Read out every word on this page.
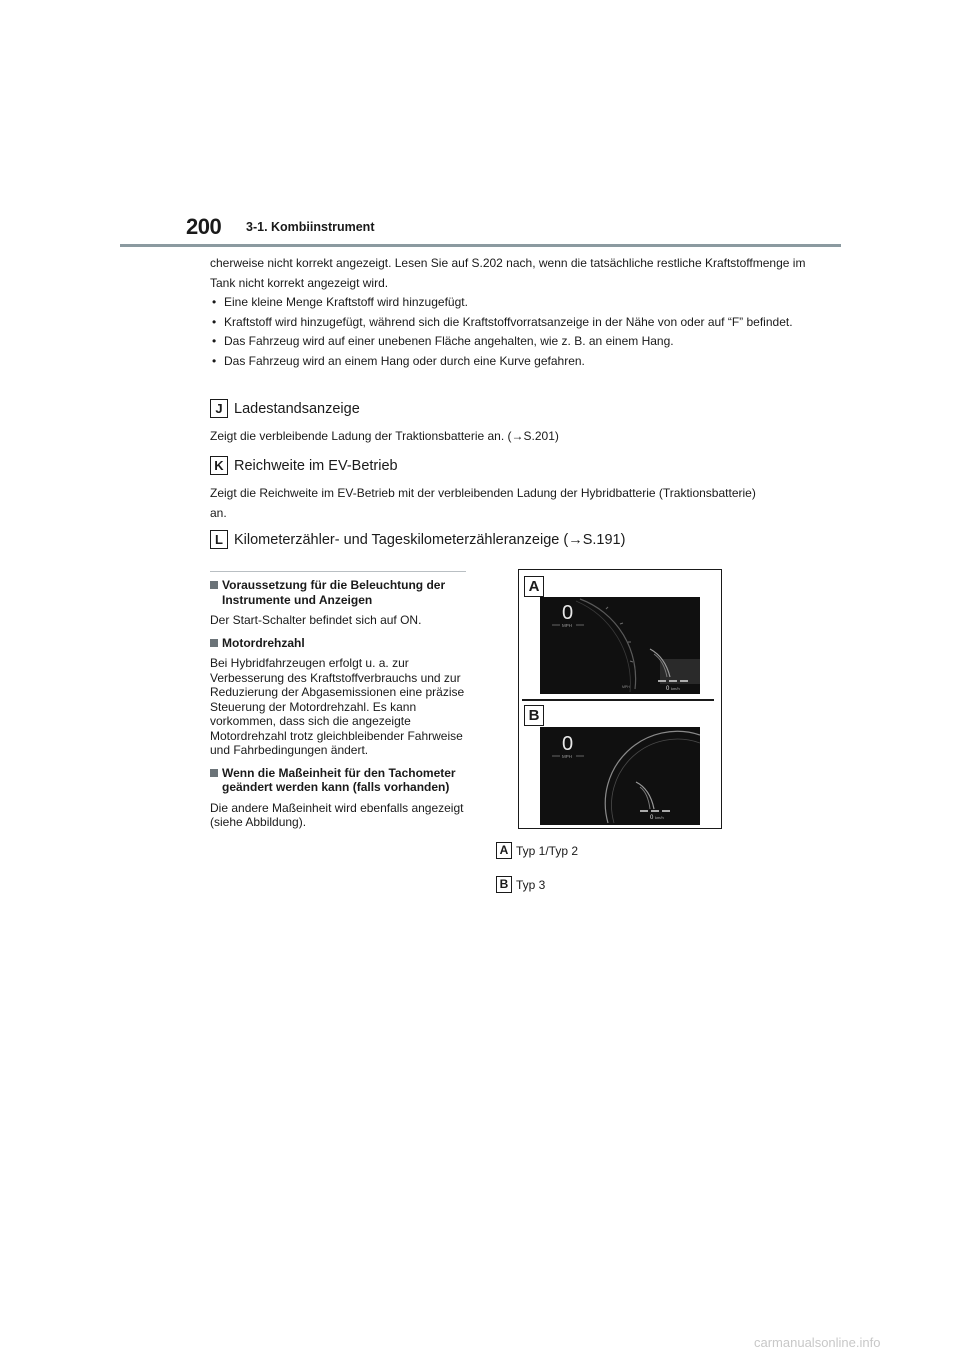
200 3-1. Kombiinstrument

cherweise nicht korrekt angezeigt. Lesen Sie auf S.202 nach, wenn die tatsächliche restliche Kraftstoffmenge im Tank nicht korrekt angezeigt wird.

• Eine kleine Menge Kraftstoff wird hinzugefügt.

• Kraftstoff wird hinzugefügt, während sich die Kraftstoffvorratsanzeige in der Nähe von oder auf “F” befindet.

• Das Fahrzeug wird auf einer unebenen Fläche angehalten, wie z. B. an einem Hang.

• Das Fahrzeug wird an einem Hang oder durch eine Kurve gefahren.

J Ladestandsanzeige
Zeigt die verbleibende Ladung der Traktionsbatterie an. (→S.201)
K Reichweite im EV-Betrieb
Zeigt die Reichweite im EV-Betrieb mit der verbleibenden Ladung der Hybridbatterie (Traktionsbatterie) an.
L Kilometerzähler- und Tageskilometerzähleranzeige (→S.191)
Voraussetzung für die Beleuchtung der Instrumente und Anzeigen

Der Start-Schalter befindet sich auf ON.

Motordrehzahl

Bei Hybridfahrzeugen erfolgt u. a. zur Verbesserung des Kraftstoffverbrauchs und zur Reduzierung der Abgasemissionen eine präzise Steuerung der Motordrehzahl. Es kann vorkommen, dass sich die angezeigte Motordrehzahl trotz gleichbleibender Fahrweise und Fahrbedingungen ändert.

Wenn die Maßeinheit für den Tachometer geändert werden kann (falls vorhanden)

Die andere Maßeinheit wird ebenfalls angezeigt (siehe Abbildung).

A
B
0
MPH
MPH	0 km/h
0
MPH
0 km/h
A Typ 1/Typ 2
B Typ 3
carmanualsonline.info
